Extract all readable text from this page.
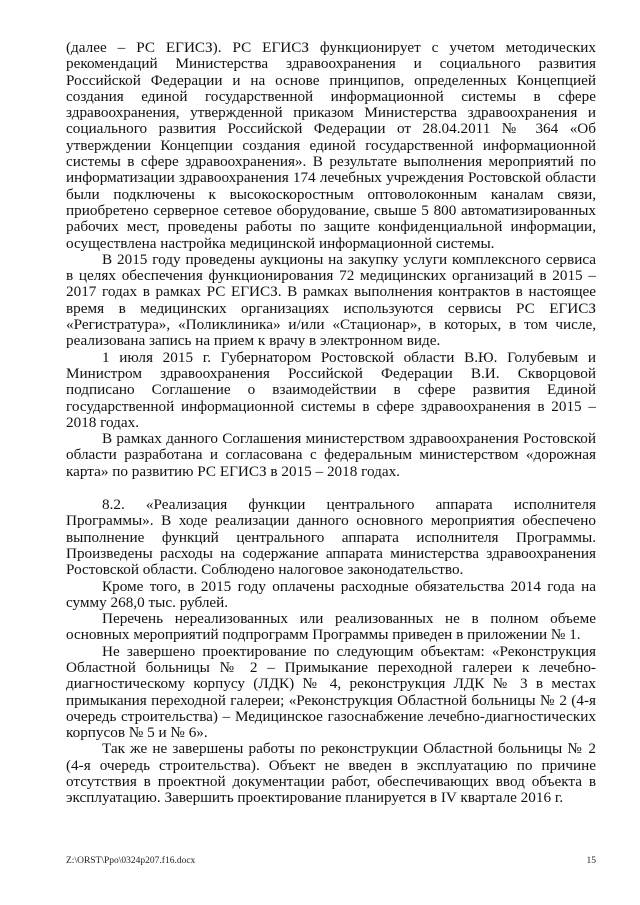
(далее – РС ЕГИСЗ). РС ЕГИСЗ функционирует с учетом методических рекомендаций Министерства здравоохранения и социального развития Российской Федерации и на основе принципов, определенных Концепцией создания единой государственной информационной системы в сфере здравоохранения, утвержденной приказом Министерства здравоохранения и социального развития Российской Федерации от 28.04.2011 № 364 «Об утверждении Концепции создания единой государственной информационной системы в сфере здравоохранения». В результате выполнения мероприятий по информатизации здравоохранения 174 лечебных учреждения Ростовской области были подключены к высокоскоростным оптоволоконным каналам связи, приобретено серверное сетевое оборудование, свыше 5 800 автоматизированных рабочих мест, проведены работы по защите конфиденциальной информации, осуществлена настройка медицинской информационной системы.

В 2015 году проведены аукционы на закупку услуги комплексного сервиса в целях обеспечения функционирования 72 медицинских организаций в 2015 – 2017 годах в рамках РС ЕГИСЗ. В рамках выполнения контрактов в настоящее время в медицинских организациях используются сервисы РС ЕГИСЗ «Регистратура», «Поликлиника» и/или «Стационар», в которых, в том числе, реализована запись на прием к врачу в электронном виде.

1 июля 2015 г. Губернатором Ростовской области В.Ю. Голубевым и Министром здравоохранения Российской Федерации В.И. Скворцовой подписано Соглашение о взаимодействии в сфере развития Единой государственной информационной системы в сфере здравоохранения в 2015 – 2018 годах.

В рамках данного Соглашения министерством здравоохранения Ростовской области разработана и согласована с федеральным министерством «дорожная карта» по развитию РС ЕГИСЗ в 2015 – 2018 годах.

8.2. «Реализация функции центрального аппарата исполнителя Программы». В ходе реализации данного основного мероприятия обеспечено выполнение функций центрального аппарата исполнителя Программы. Произведены расходы на содержание аппарата министерства здравоохранения Ростовской области. Соблюдено налоговое законодательство.

Кроме того, в 2015 году оплачены расходные обязательства 2014 года на сумму 268,0 тыс. рублей.

Перечень нереализованных или реализованных не в полном объеме основных мероприятий подпрограмм Программы приведен в приложении № 1.

Не завершено проектирование по следующим объектам: «Реконструкция Областной больницы № 2 – Примыкание переходной галереи к лечебно-диагностическому корпусу (ЛДК) № 4, реконструкция ЛДК № 3 в местах примыкания переходной галереи; «Реконструкция Областной больницы № 2 (4-я очередь строительства) – Медицинское газоснабжение лечебно-диагностических корпусов № 5 и № 6».

Так же не завершены работы по реконструкции Областной больницы № 2 (4-я очередь строительства). Объект не введен в эксплуатацию по причине отсутствия в проектной документации работ, обеспечивающих ввод объекта в эксплуатацию. Завершить проектирование планируется в IV квартале 2016 г.

Z:\ORST\Ppo\0324p207.f16.docx	15
